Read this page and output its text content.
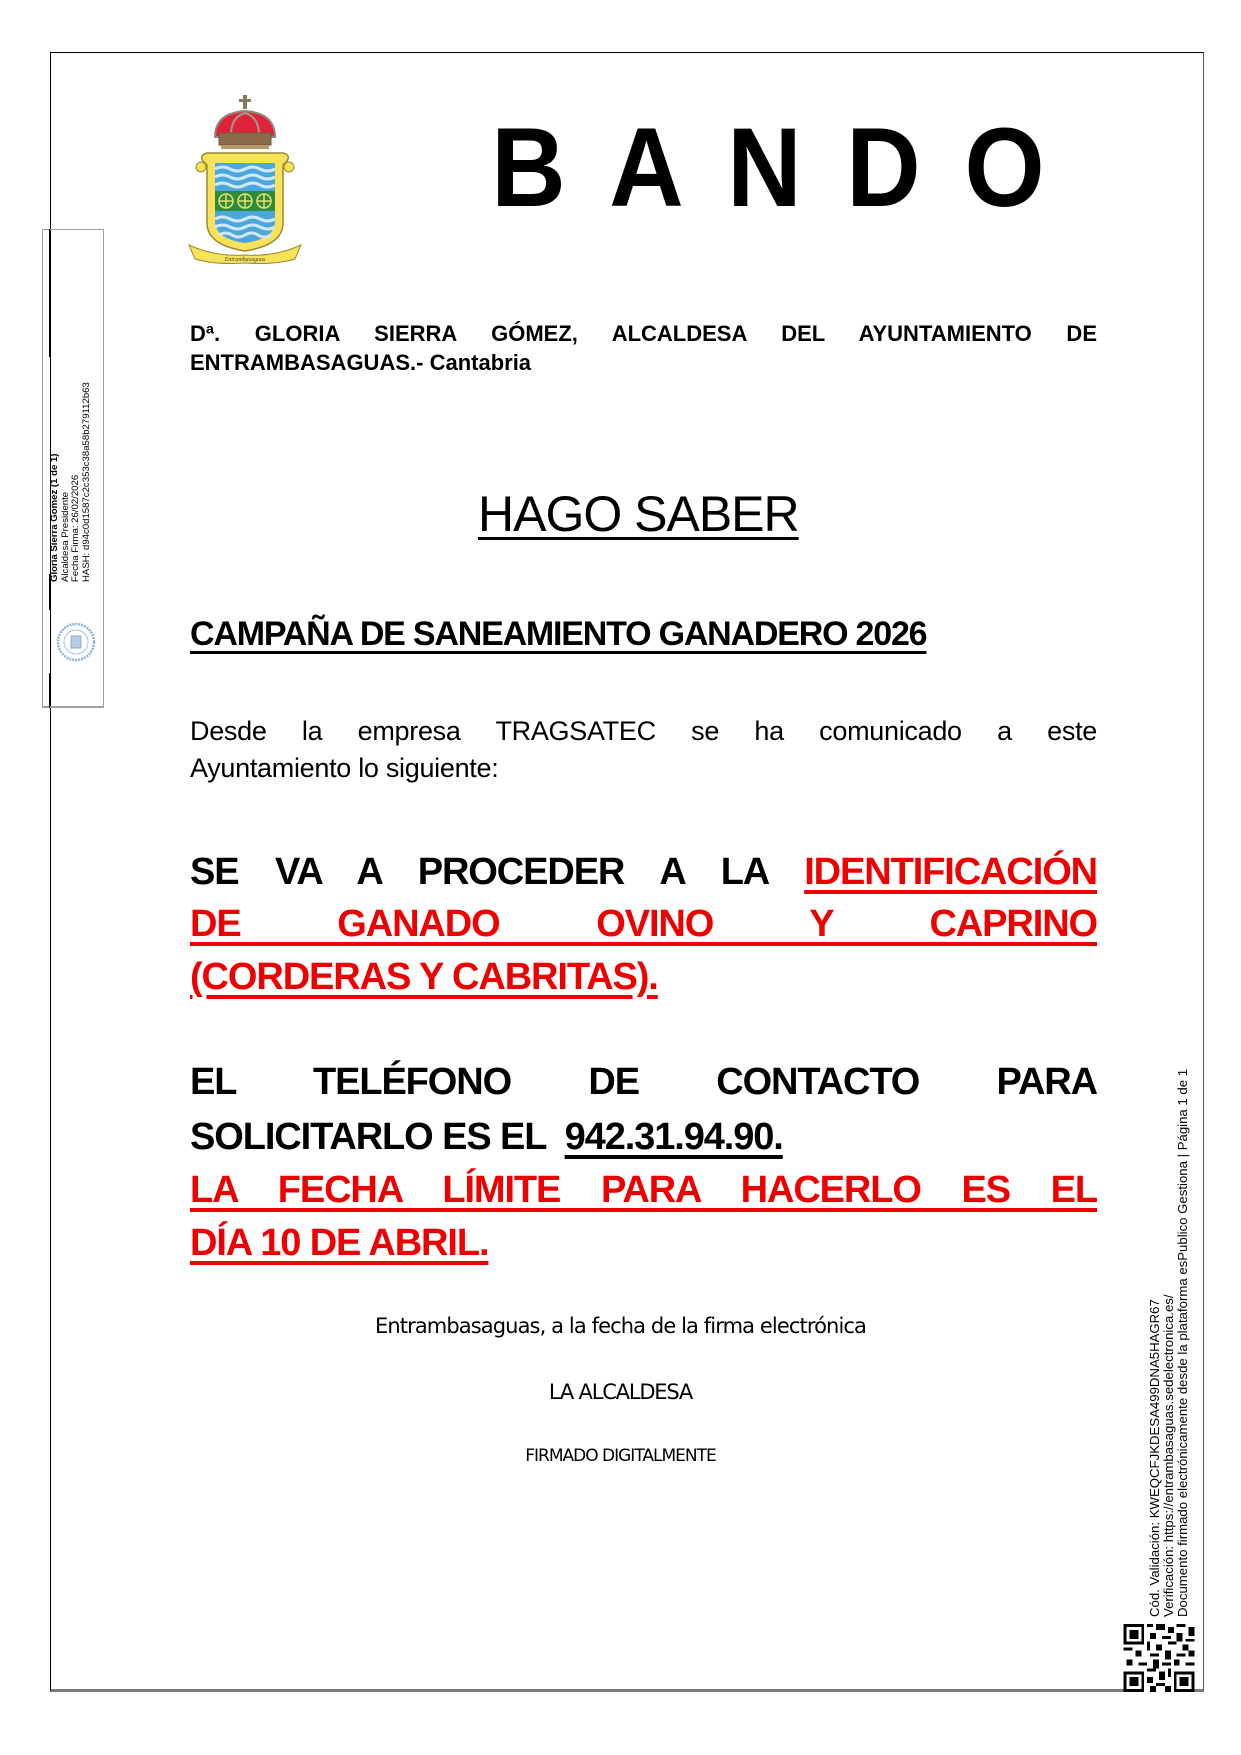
Entrambasaguas
B A N D O
Gloria Sierra Gomez (1 de 1) Alcaldesa Presidente Fecha Firma: 26/02/2026 HASH: d94c0d1587c2c353c38a58b279112b63
Dª. GLORIA SIERRA GÓMEZ, ALCALDESA DEL AYUNTAMIENTO DE
ENTRAMBASAGUAS.- Cantabria
HAGO SABER
CAMPAÑA DE SANEAMIENTO GANADERO 2026
Desde la empresa TRAGSATEC se ha comunicado a este
Ayuntamiento lo siguiente:
SE VA A PROCEDER A LA IDENTIFICACIÓN
DE GANADO OVINO Y CAPRINO
(CORDERAS Y CABRITAS).
EL TELÉFONO DE CONTACTO PARA
SOLICITARLO ES EL  942.31.94.90.
LA FECHA LÍMITE PARA HACERLO ES EL
DÍA 10 DE ABRIL.
Entrambasaguas, a la fecha de la firma electrónica
LA ALCALDESA
FIRMADO DIGITALMENTE	Cód. Validación: KWEQCFJKDESA499DNA5HAGR67 Verificación: https://entrambasaguas.sedelectronica.es/ Documento firmado electrónicamente desde la plataforma esPublico Gestiona | Página 1 de 1
